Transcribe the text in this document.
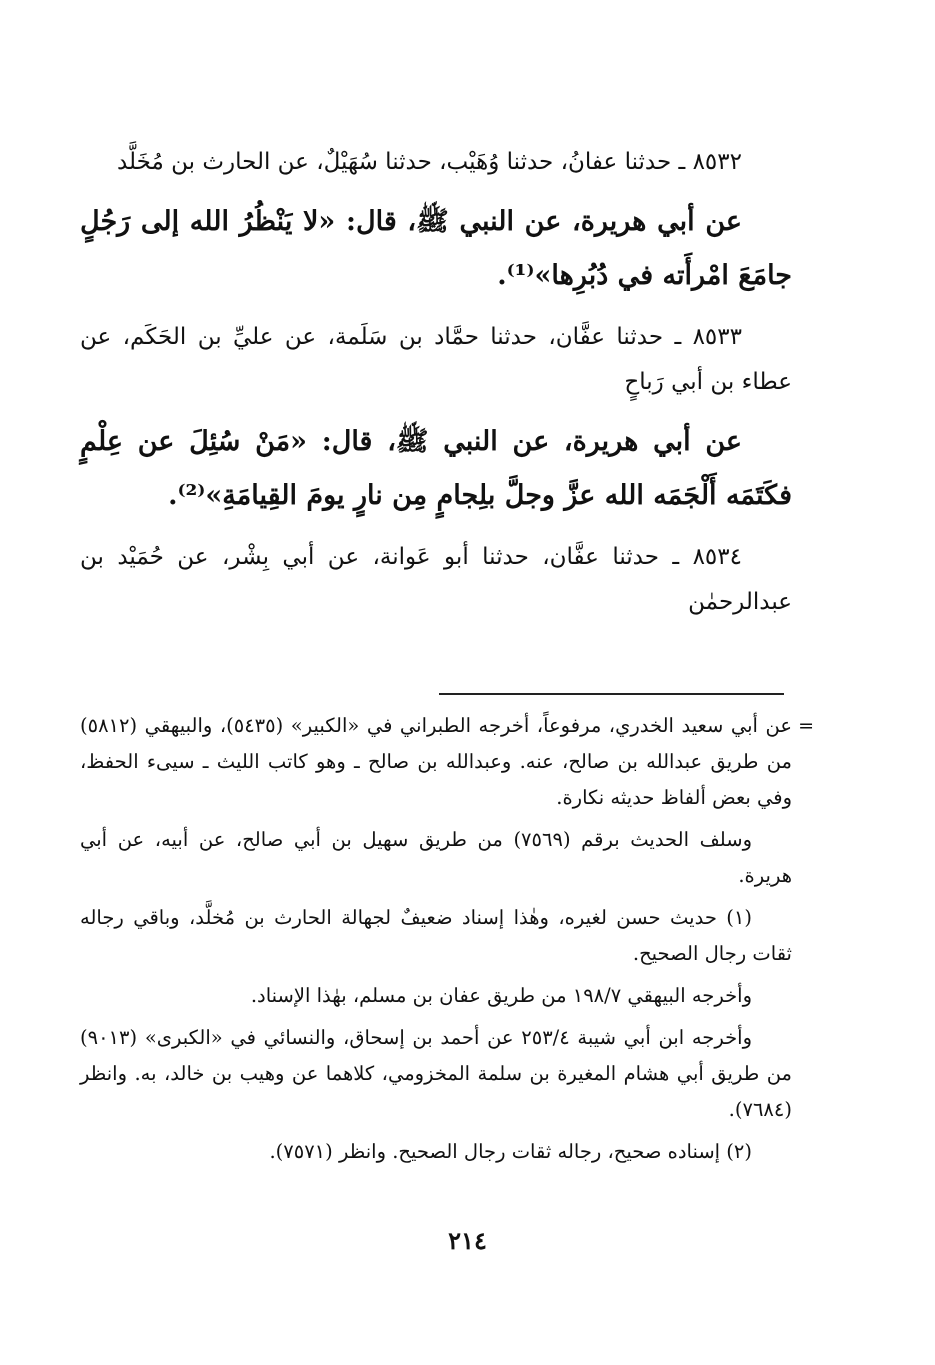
٨٥٣٢ ـ حدثنا عفانُ، حدثنا وُهَيْب، حدثنا سُهَيْلٌ، عن الحارث بن مُخَلَّد

عن أبي هريرة، عن النبي ﷺ، قال: «لا يَنْظُرُ الله إلى رَجُلٍ جامَعَ امْرأَته في دُبُرِها»⁽¹⁾.

٨٥٣٣ ـ حدثنا عفَّان، حدثنا حمَّاد بن سَلَمة، عن عليِّ بن الحَكَم، عن عطاء بن أبي رَباحٍ

عن أبي هريرة، عن النبي ﷺ، قال: «مَنْ سُئِلَ عن عِلْمٍ فكَتَمَه أَلْجَمَه الله عزَّ وجلَّ بلِجامٍ مِن نارٍ يومَ القِيامَةِ»⁽²⁾.

٨٥٣٤ ـ حدثنا عفَّان، حدثنا أبو عَوانة، عن أبي بِشْر، عن حُمَيْد بن عبدالرحمٰن

=
عن أبي سعيد الخدري، مرفوعاً، أخرجه الطبراني في «الكبير» (٥٤٣٥)، والبيهقي (٥٨١٢) من طريق عبدالله بن صالح، عنه. وعبدالله بن صالح ـ وهو كاتب الليث ـ سيىء الحفظ، وفي بعض ألفاظ حديثه نكارة.

وسلف الحديث برقم (٧٥٦٩) من طريق سهيل بن أبي صالح، عن أبيه، عن أبي هريرة.

(١) حديث حسن لغيره، وهٰذا إسناد ضعيفٌ لجهالة الحارث بن مُخلَّد، وباقي رجاله ثقات رجال الصحيح.

وأخرجه البيهقي ١٩٨/٧ من طريق عفان بن مسلم، بهٰذا الإسناد.

وأخرجه ابن أبي شيبة ٢٥٣/٤ عن أحمد بن إسحاق، والنسائي في «الكبرى» (٩٠١٣) من طريق أبي هشام المغيرة بن سلمة المخزومي، كلاهما عن وهيب بن خالد، به. وانظر (٧٦٨٤).

(٢) إسناده صحيح، رجاله ثقات رجال الصحيح. وانظر (٧٥٧١).

٢١٤
